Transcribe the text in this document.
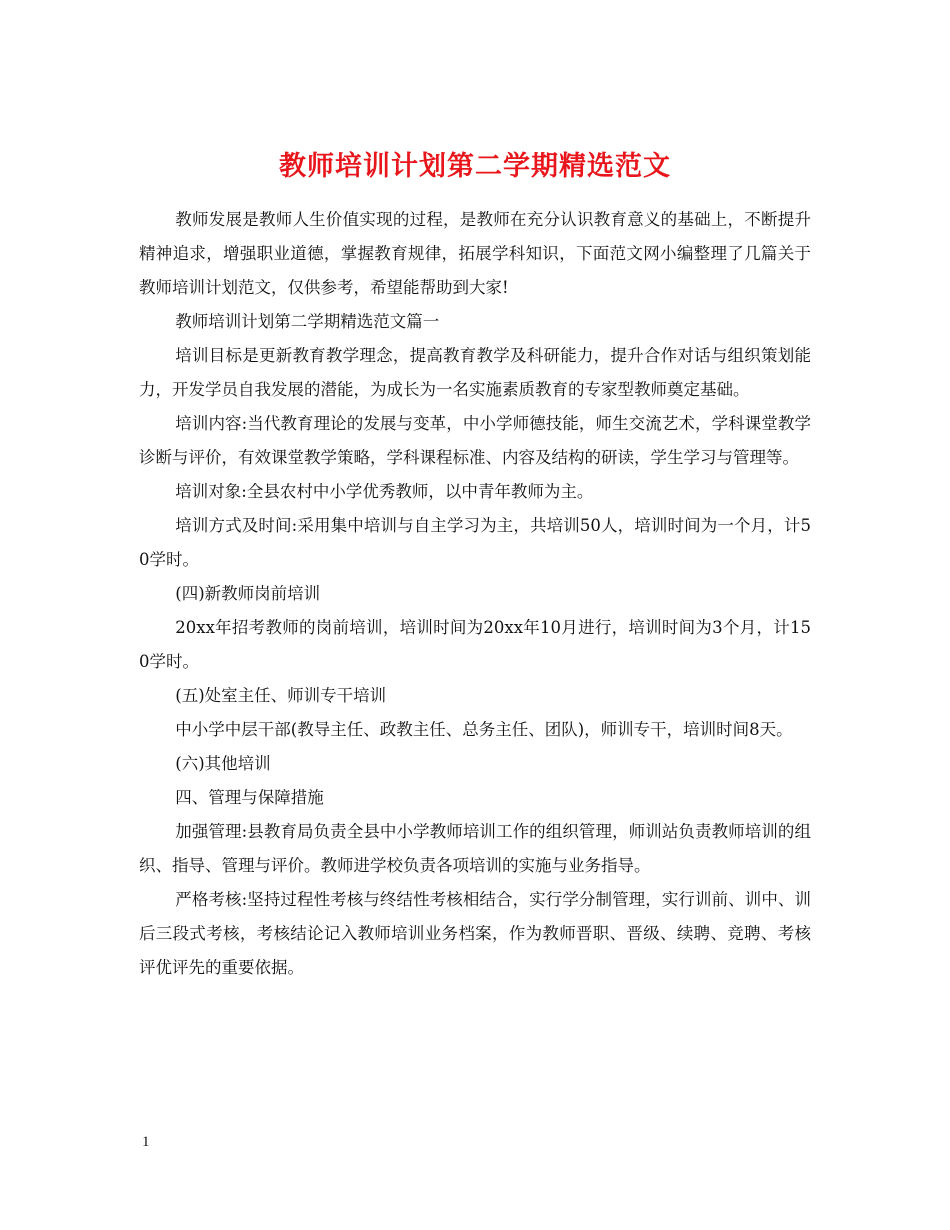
教师培训计划第二学期精选范文

教师发展是教师人生价值实现的过程，是教师在充分认识教育意义的基础上，不断提升精神追求，增强职业道德，掌握教育规律，拓展学科知识，下面范文网小编整理了几篇关于教师培训计划范文，仅供参考，希望能帮助到大家!

教师培训计划第二学期精选范文篇一

培训目标是更新教育教学理念，提高教育教学及科研能力，提升合作对话与组织策划能力，开发学员自我发展的潜能，为成长为一名实施素质教育的专家型教师奠定基础。

培训内容:当代教育理论的发展与变革，中小学师德技能，师生交流艺术，学科课堂教学诊断与评价，有效课堂教学策略，学科课程标准、内容及结构的研读，学生学习与管理等。

培训对象:全县农村中小学优秀教师，以中青年教师为主。

培训方式及时间:采用集中培训与自主学习为主，共培训50人，培训时间为一个月，计50学时。

(四)新教师岗前培训

20xx年招考教师的岗前培训，培训时间为20xx年10月进行，培训时间为3个月，计150学时。

(五)处室主任、师训专干培训

中小学中层干部(教导主任、政教主任、总务主任、团队)，师训专干，培训时间8天。

(六)其他培训

四、管理与保障措施

加强管理:县教育局负责全县中小学教师培训工作的组织管理，师训站负责教师培训的组织、指导、管理与评价。教师进学校负责各项培训的实施与业务指导。

严格考核:坚持过程性考核与终结性考核相结合，实行学分制管理，实行训前、训中、训后三段式考核，考核结论记入教师培训业务档案，作为教师晋职、晋级、续聘、竞聘、考核评优评先的重要依据。

1
